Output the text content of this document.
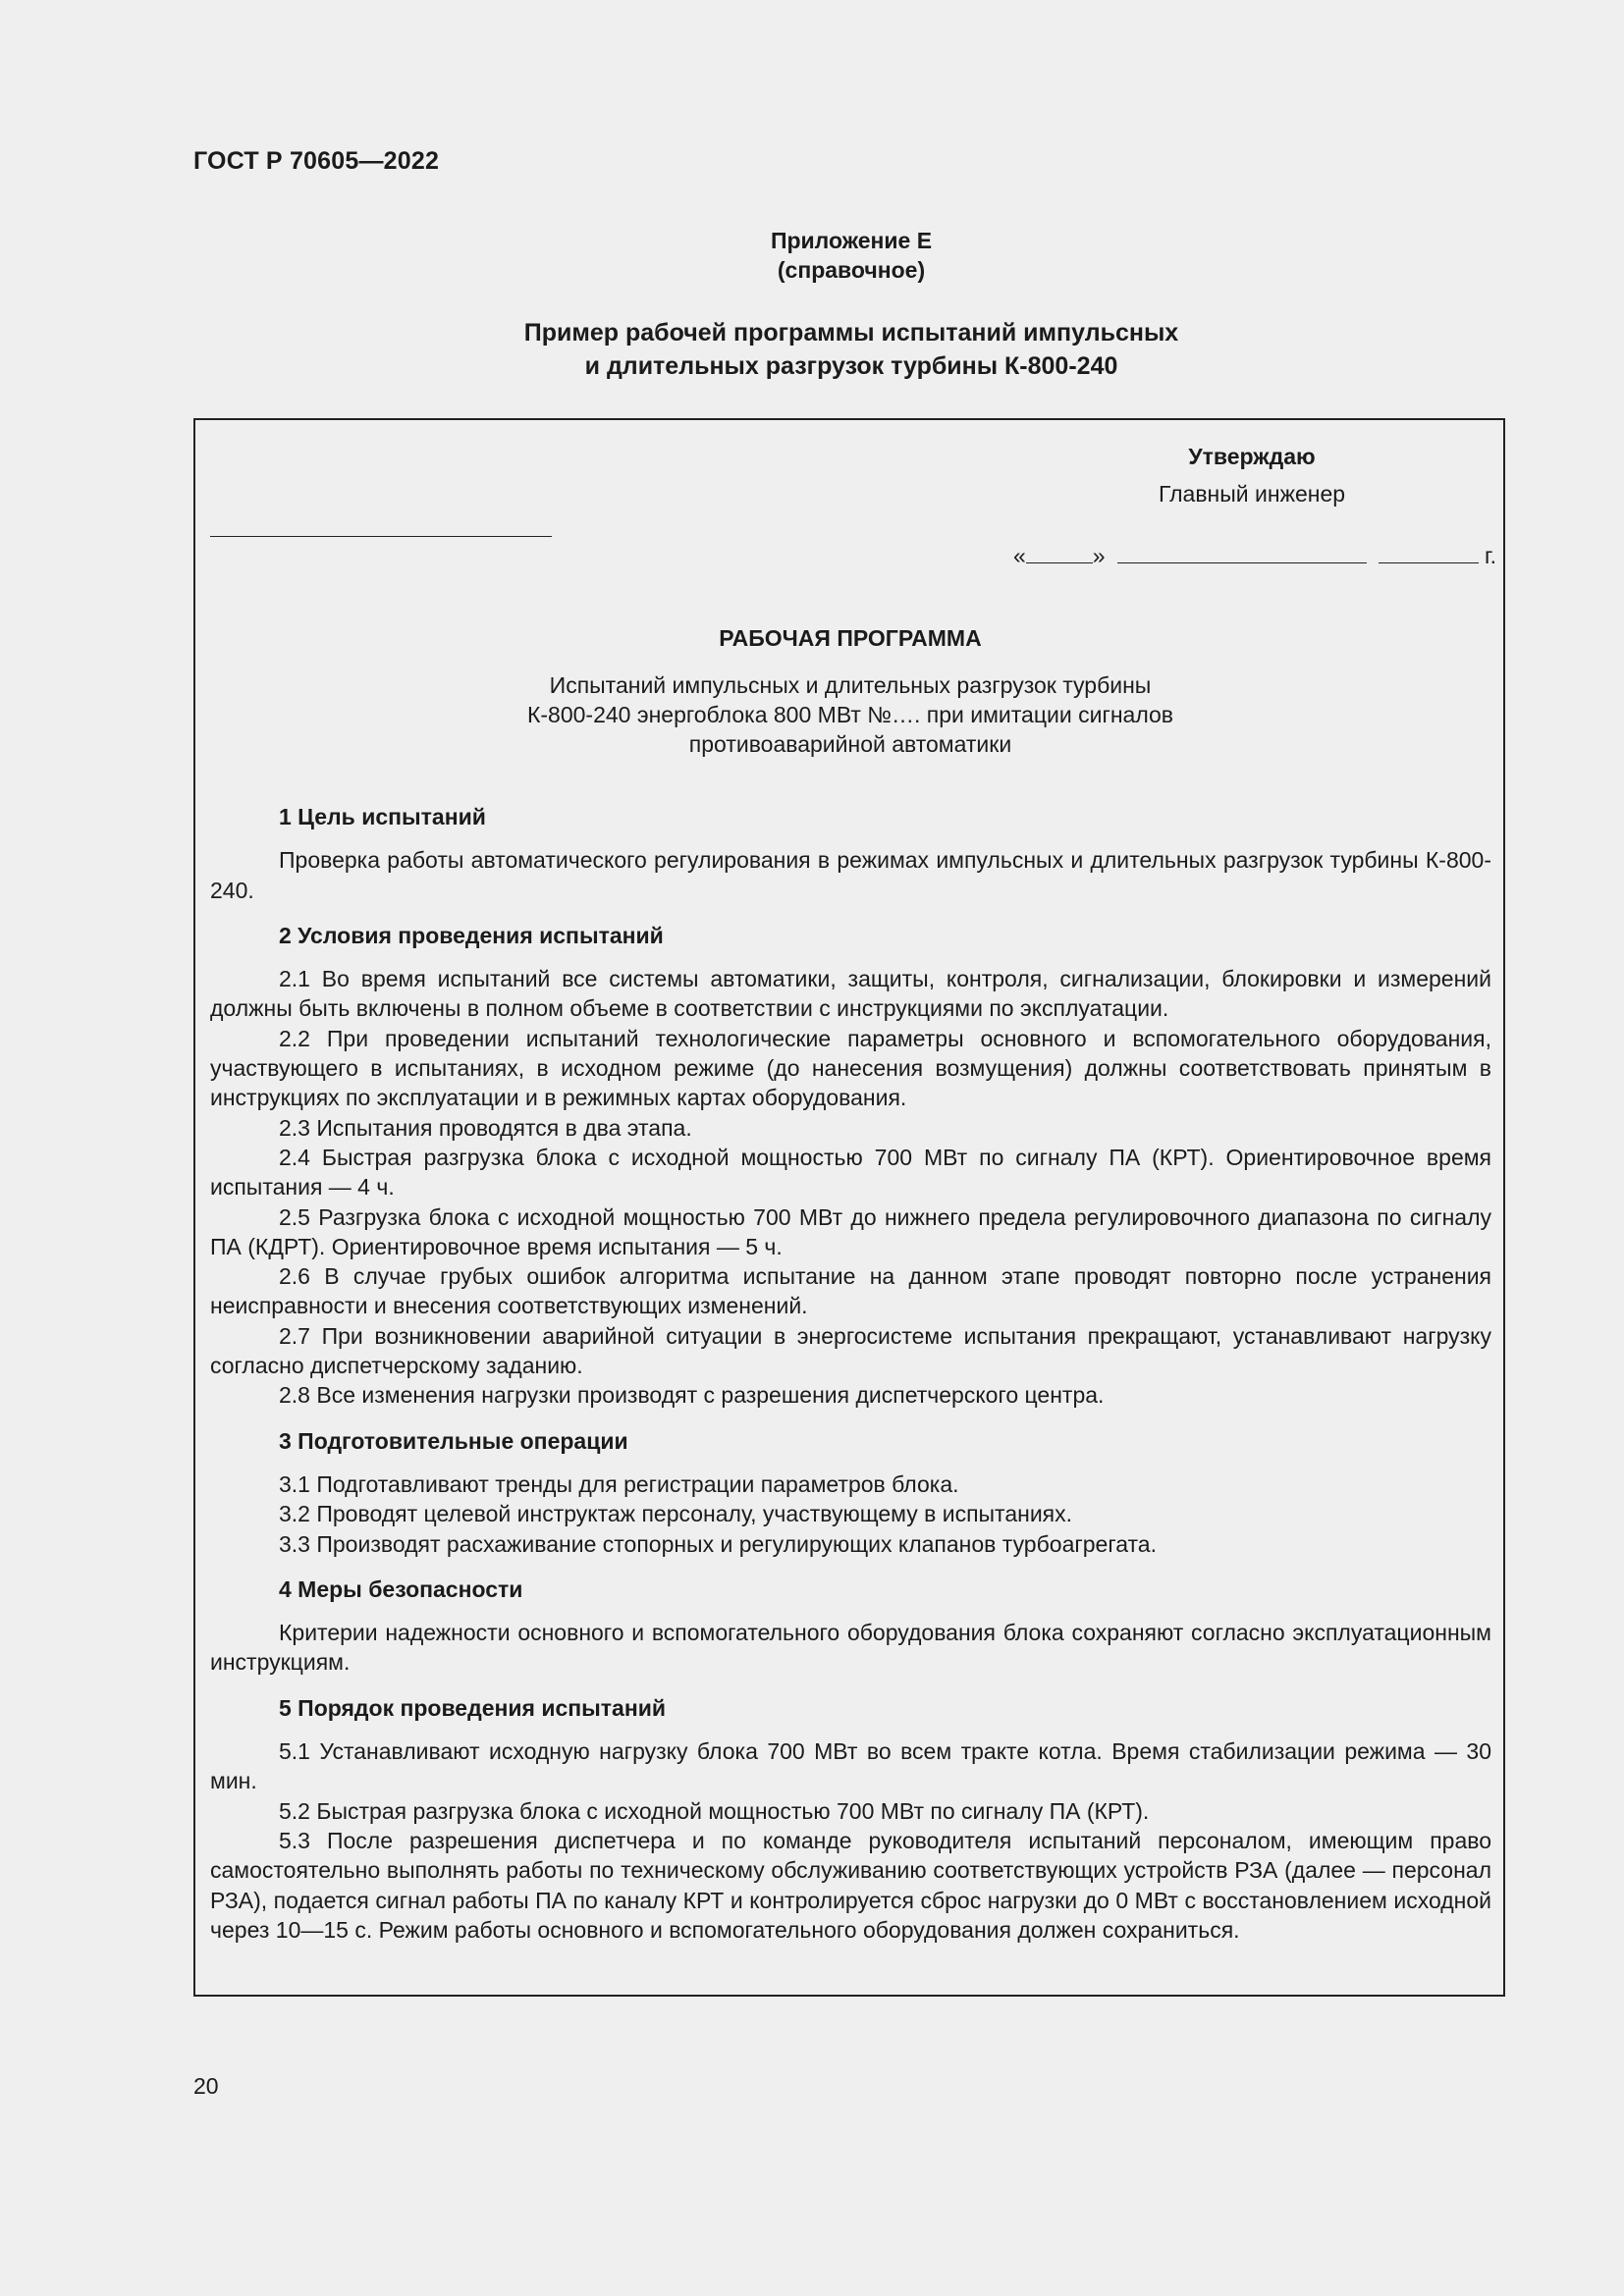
ГОСТ Р 70605—2022
Приложение Е
(справочное)
Пример рабочей программы испытаний импульсных
и длительных разгрузок турбины К-800-240
Утверждаю
Главный инженер
«	»	г.
РАБОЧАЯ ПРОГРАММА
Испытаний импульсных и длительных разгрузок турбины
К-800-240 энергоблока 800 МВт №…. при имитации сигналов
противоаварийной автоматики
1 Цель испытаний

Проверка работы автоматического регулирования в режимах импульсных и длительных разгрузок турбины К-800-240.

2 Условия проведения испытаний

2.1 Во время испытаний все системы автоматики, защиты, контроля, сигнализации, блокировки и измерений должны быть включены в полном объеме в соответствии с инструкциями по эксплуатации.

2.2 При проведении испытаний технологические параметры основного и вспомогательного оборудования, участвующего в испытаниях, в исходном режиме (до нанесения возмущения) должны соответствовать принятым в инструкциях по эксплуатации и в режимных картах оборудования.

2.3 Испытания проводятся в два этапа.

2.4 Быстрая разгрузка блока с исходной мощностью 700 МВт по сигналу ПА (КРТ). Ориентировочное время испытания — 4 ч.

2.5 Разгрузка блока с исходной мощностью 700 МВт до нижнего предела регулировочного диапазона по сигналу ПА (КДРТ). Ориентировочное время испытания — 5 ч.

2.6 В случае грубых ошибок алгоритма испытание на данном этапе проводят повторно после устранения неисправности и внесения соответствующих изменений.

2.7 При возникновении аварийной ситуации в энергосистеме испытания прекращают, устанавливают нагрузку согласно диспетчерскому заданию.

2.8 Все изменения нагрузки производят с разрешения диспетчерского центра.

3 Подготовительные операции

3.1 Подготавливают тренды для регистрации параметров блока.

3.2 Проводят целевой инструктаж персоналу, участвующему в испытаниях.

3.3 Производят расхаживание стопорных и регулирующих клапанов турбоагрегата.

4 Меры безопасности

Критерии надежности основного и вспомогательного оборудования блока сохраняют согласно эксплуатационным инструкциям.

5 Порядок проведения испытаний

5.1 Устанавливают исходную нагрузку блока 700 МВт во всем тракте котла. Время стабилизации режима — 30 мин.

5.2 Быстрая разгрузка блока с исходной мощностью 700 МВт по сигналу ПА (КРТ).

5.3 После разрешения диспетчера и по команде руководителя испытаний персоналом, имеющим право самостоятельно выполнять работы по техническому обслуживанию соответствующих устройств РЗА (далее — персонал РЗА), подается сигнал работы ПА по каналу КРТ и контролируется сброс нагрузки до 0 МВт с восстановлением исходной через 10—15 с. Режим работы основного и вспомогательного оборудования должен сохраниться.

20
